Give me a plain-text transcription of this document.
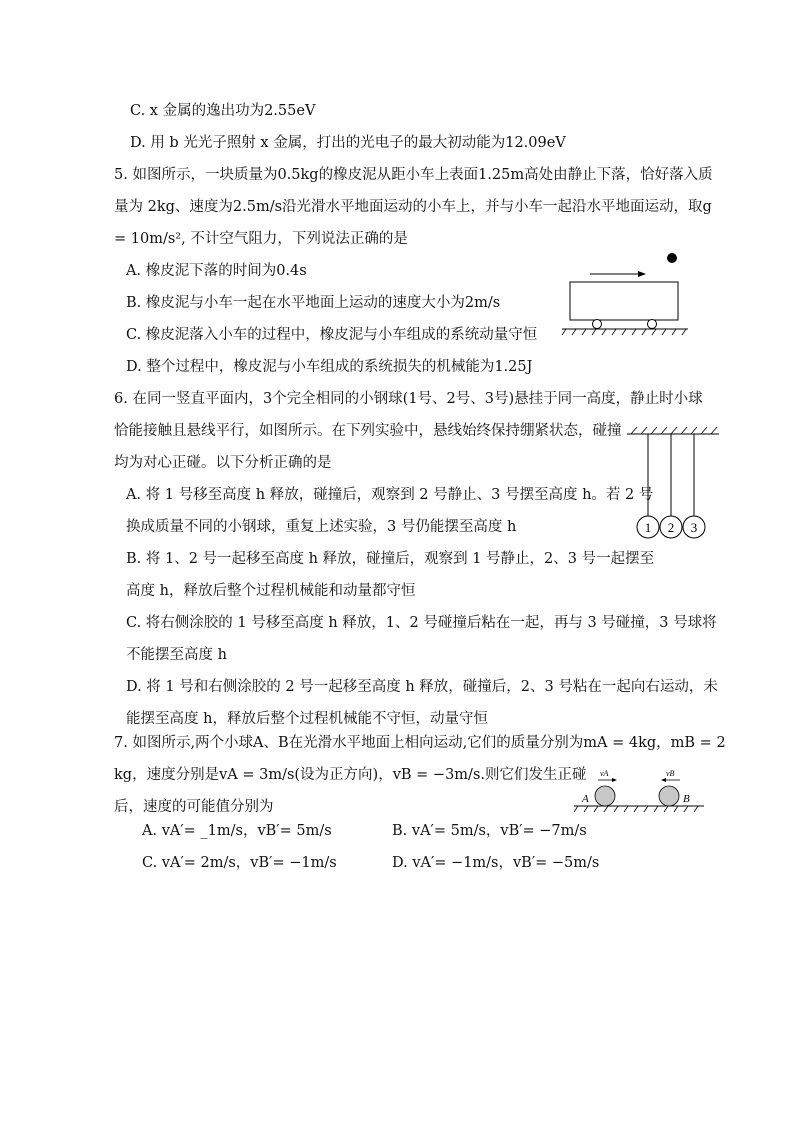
C. x 金属的逸出功为2.55eV
D. 用 b 光光子照射 x 金属，打出的光电子的最大初动能为12.09eV
5. 如图所示，一块质量为0.5kg的橡皮泥从距小车上表面1.25m高处由静止下落，恰好落入质
量为 2kg、速度为2.5m/s沿光滑水平地面运动的小车上，并与小车一起沿水平地面运动，取g
= 10m/s², 不计空气阻力，下列说法正确的是
A. 橡皮泥下落的时间为0.4s
B. 橡皮泥与小车一起在水平地面上运动的速度大小为2m/s
C. 橡皮泥落入小车的过程中，橡皮泥与小车组成的系统动量守恒
D. 整个过程中，橡皮泥与小车组成的系统损失的机械能为1.25J
6. 在同一竖直平面内，3个完全相同的小钢球(1号、2号、3号)悬挂于同一高度，静止时小球
恰能接触且悬线平行，如图所示。在下列实验中，悬线始终保持绷紧状态，碰撞
均为对心正碰。以下分析正确的是
A. 将 1 号移至高度 h 释放，碰撞后，观察到 2 号静止、3 号摆至高度 h。若 2 号
换成质量不同的小钢球，重复上述实验，3 号仍能摆至高度 h
B. 将 1、2 号一起移至高度 h 释放，碰撞后，观察到 1 号静止，2、3 号一起摆至
高度 h，释放后整个过程机械能和动量都守恒
C. 将右侧涂胶的 1 号移至高度 h 释放，1、2 号碰撞后粘在一起，再与 3 号碰撞，3 号球将
不能摆至高度 h
D. 将 1 号和右侧涂胶的 2 号一起移至高度 h 释放，碰撞后，2、3 号粘在一起向右运动，未
能摆至高度 h，释放后整个过程机械能不守恒，动量守恒
1 2 3
7. 如图所示,两个小球A、B在光滑水平地面上相向运动,它们的质量分别为mA = 4kg，mB = 2
kg，速度分别是vA = 3m/s(设为正方向)，vB = −3m/s.则它们发生正碰
后，速度的可能值分别为
A. vA′= _1m/s，vB′= 5m/s	B. vA′= 5m/s，vB′= −7m/s
C. vA′= 2m/s，vB′= −1m/s	D. vA′= −1m/s，vB′= −5m/s
vA	vB
A	B
